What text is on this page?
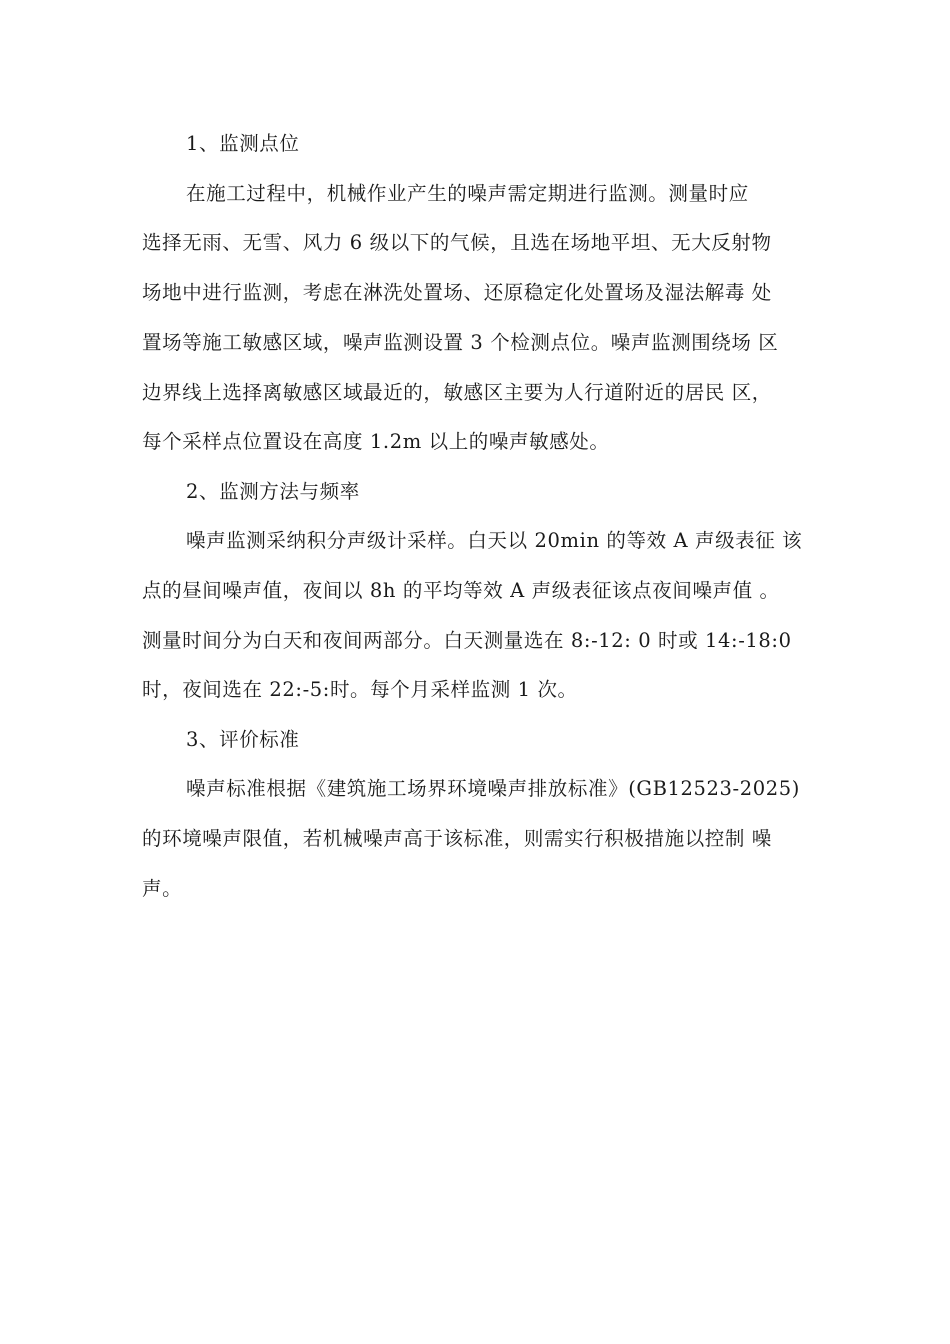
1、监测点位
在施工过程中，机械作业产生的噪声需定期进行监测。测量时应
选择无雨、无雪、风力 6 级以下的气候，且选在场地平坦、无大反射物
场地中进行监测，考虑在淋洗处置场、还原稳定化处置场及湿法解毒 处
置场等施工敏感区域，噪声监测设置 3 个检测点位。噪声监测围绕场 区
边界线上选择离敏感区域最近的，敏感区主要为人行道附近的居民 区，
每个采样点位置设在高度 1.2m 以上的噪声敏感处。
2、监测方法与频率
噪声监测采纳积分声级计采样。白天以 20min 的等效 A 声级表征 该
点的昼间噪声值，夜间以 8h 的平均等效 A 声级表征该点夜间噪声值 。
测量时间分为白天和夜间两部分。白天测量选在 8:-12: 0 时或 14:-18:0
时，夜间选在 22:-5:时。每个月采样监测 1 次。
3、评价标准
噪声标准根据《建筑施工场界环境噪声排放标准》(GB12523-2025)
的环境噪声限值，若机械噪声高于该标准，则需实行积极措施以控制 噪
声。
